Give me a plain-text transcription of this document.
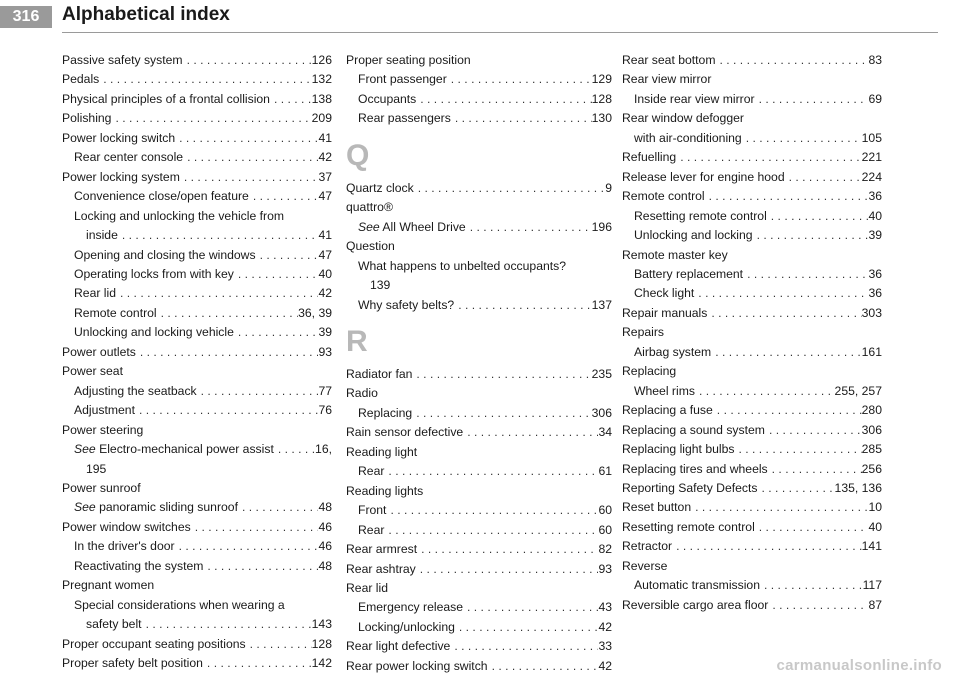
316	Alphabetical index
Passive safety system . . .	126
Pedals . . .	132
Physical principles of a frontal collision . . .	138
Polishing . . .	209
Power locking switch . . .	41
Rear center console . . .	42
Power locking system . . .	37
Convenience close/open feature . . .	47
Locking and unlocking the vehicle from
inside . . .	41
Opening and closing the windows . . .	47
Operating locks from with key . . .	40
Rear lid . . .	42
Remote control . . .	36, 39
Unlocking and locking vehicle . . .	39
Power outlets . . .	93
Power seat
Adjusting the seatback . . .	77
Adjustment . . .	76
Power steering
See Electro-mechanical power assist . . .	16,
195
Power sunroof
See panoramic sliding sunroof . . .	48
Power window switches . . .	46
In the driver's door . . .	46
Reactivating the system . . .	48
Pregnant women
Special considerations when wearing a
safety belt . . .	143
Proper occupant seating positions . . .	128
Proper safety belt position . . .	142
Proper seating position
Front passenger . . .	129
Occupants . . .	128
Rear passengers . . .	130
Q
Quartz clock . . .	9
quattro®
See All Wheel Drive . . .	196
Question
What happens to unbelted occupants?
139
Why safety belts? . . .	137
R
Radiator fan . . .	235
Radio
Replacing . . .	306
Rain sensor defective . . .	34
Reading light
Rear . . .	61
Reading lights
Front . . .	60
Rear . . .	60
Rear armrest . . .	82
Rear ashtray . . .	93
Rear lid
Emergency release . . .	43
Locking/unlocking . . .	42
Rear light defective . . .	33
Rear power locking switch . . .	42
Rear seat bottom . . .	83
Rear view mirror
Inside rear view mirror . . .	69
Rear window defogger
with air-conditioning . . .	105
Refuelling . . .	221
Release lever for engine hood . . .	224
Remote control . . .	36
Resetting remote control . . .	40
Unlocking and locking . . .	39
Remote master key
Battery replacement . . .	36
Check light . . .	36
Repair manuals . . .	303
Repairs
Airbag system . . .	161
Replacing
Wheel rims . . .	255, 257
Replacing a fuse . . .	280
Replacing a sound system . . .	306
Replacing light bulbs . . .	285
Replacing tires and wheels . . .	256
Reporting Safety Defects . . .	135, 136
Reset button . . .	10
Resetting remote control . . .	40
Retractor . . .	141
Reverse
Automatic transmission . . .	117
Reversible cargo area floor . . .	87
carmanualsonline.info
